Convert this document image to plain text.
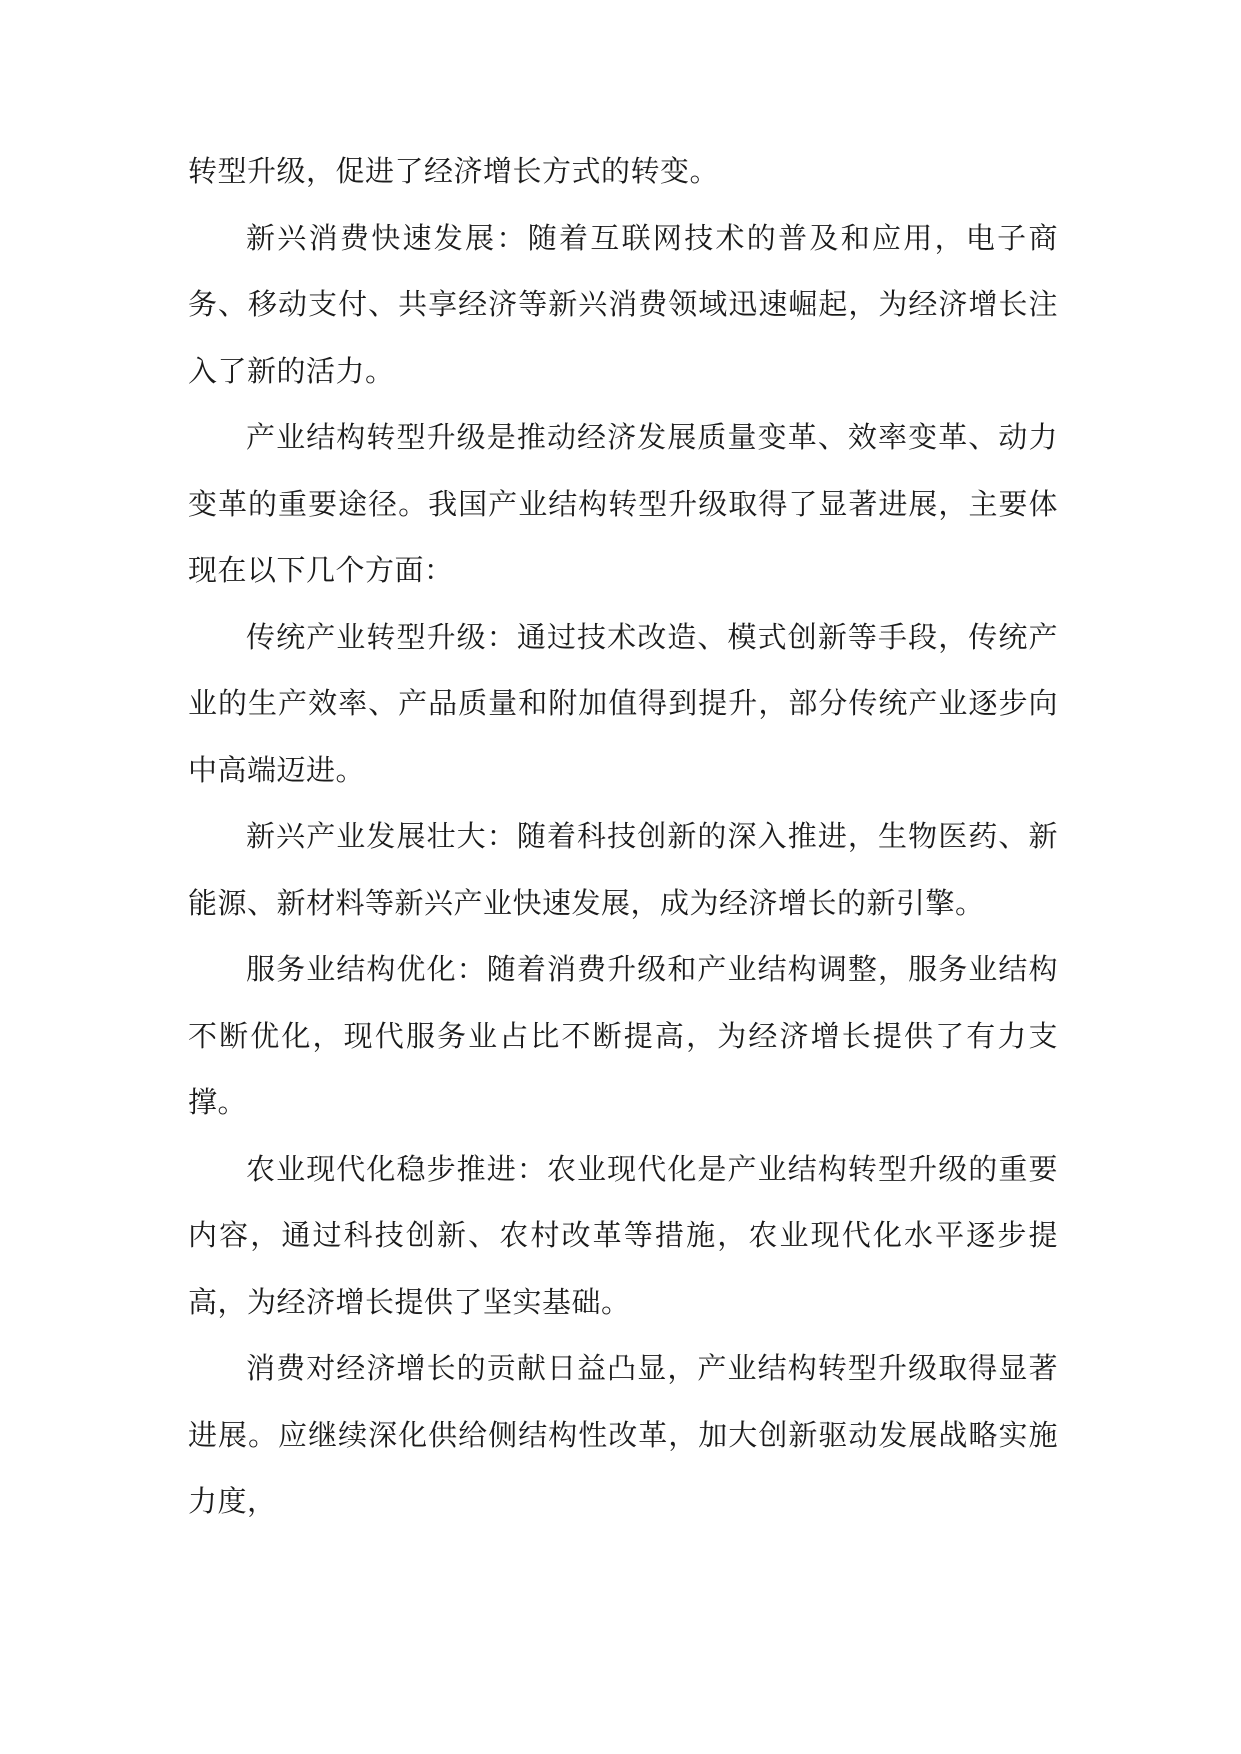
转型升级，促进了经济增长方式的转变。

新兴消费快速发展：随着互联网技术的普及和应用，电子商务、移动支付、共享经济等新兴消费领域迅速崛起，为经济增长注入了新的活力。

产业结构转型升级是推动经济发展质量变革、效率变革、动力变革的重要途径。我国产业结构转型升级取得了显著进展，主要体现在以下几个方面：

传统产业转型升级：通过技术改造、模式创新等手段，传统产业的生产效率、产品质量和附加值得到提升，部分传统产业逐步向中高端迈进。

新兴产业发展壮大：随着科技创新的深入推进，生物医药、新能源、新材料等新兴产业快速发展，成为经济增长的新引擎。

服务业结构优化：随着消费升级和产业结构调整，服务业结构不断优化，现代服务业占比不断提高，为经济增长提供了有力支撑。

农业现代化稳步推进：农业现代化是产业结构转型升级的重要内容，通过科技创新、农村改革等措施，农业现代化水平逐步提高，为经济增长提供了坚实基础。

消费对经济增长的贡献日益凸显，产业结构转型升级取得显著进展。应继续深化供给侧结构性改革，加大创新驱动发展战略实施力度，
